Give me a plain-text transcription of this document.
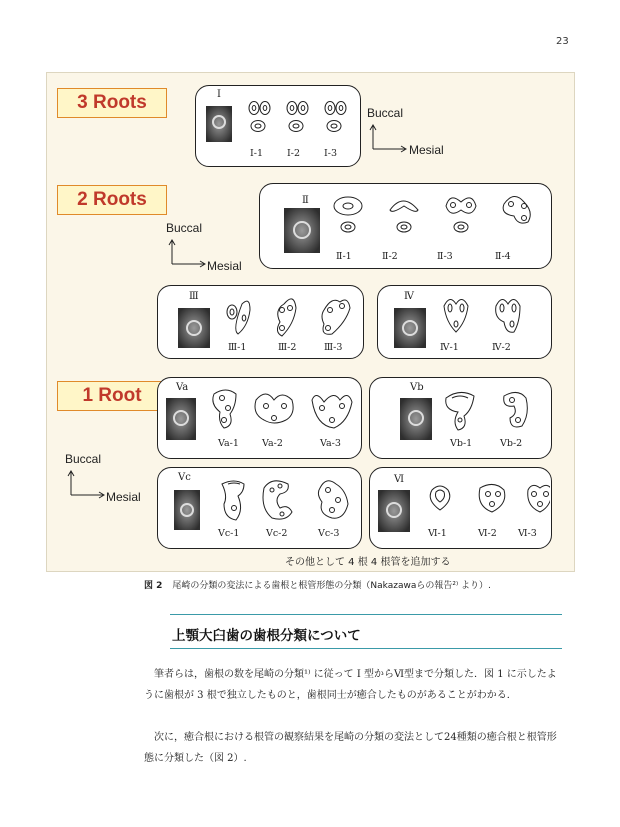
23
3 Roots
2 Roots
1 Root
Buccal
Mesial
Buccal
Mesial
Buccal
Mesial
Ⅰ
Ⅰ-1	Ⅰ-2	Ⅰ-3
Ⅱ
Ⅱ-1	Ⅱ-2	Ⅱ-3	Ⅱ-4
Ⅲ
Ⅲ-1	Ⅲ-2	Ⅲ-3
Ⅳ
Ⅳ-1	Ⅳ-2
Va
Va-1 Va-2	Va-3
Vb
Vb-1	Vb-2
Vc
Vc-1	Vc-2	Vc-3
Ⅵ
Ⅵ-1	Ⅵ-2 Ⅵ-3
その他として 4 根 4 根管を追加する
図 2 尾崎の分類の変法による歯根と根管形態の分類（Nakazawaらの報告²⁾ より）.
上顎大臼歯の歯根分類について
筆者らは，歯根の数を尾崎の分類¹⁾ に従って Ⅰ 型からⅥ型まで分類した．図 1 に示したように歯根が 3 根で独立したものと，歯根同士が癒合したものがあることがわかる．
次に，癒合根における根管の観察結果を尾崎の分類の変法として24種類の癒合根と根管形態に分類した（図 2）.
